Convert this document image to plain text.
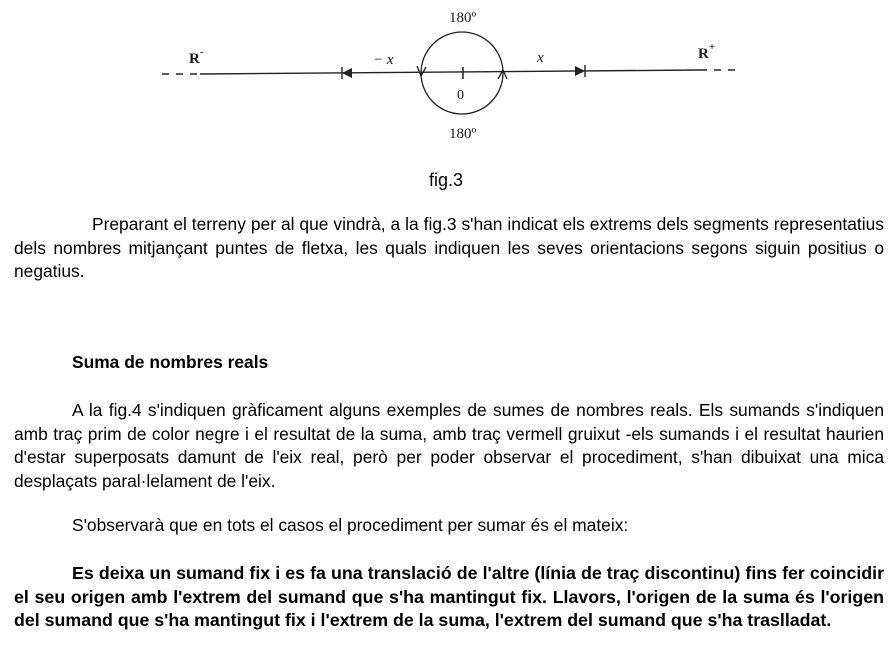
180º
180º
0
− x	x
R-	R+
fig.3

Preparant el terreny per al que vindrà, a la fig.3 s'han indicat els extrems dels segments representatius dels nombres mitjançant puntes de fletxa, les quals indiquen les seves orientacions segons siguin positius o negatius.

Suma de nombres reals

A la fig.4 s'indiquen gràficament alguns exemples de sumes de nombres reals. Els sumands s'indiquen amb traç prim de color negre i el resultat de la suma, amb traç vermell gruixut -els sumands i el resultat haurien d'estar superposats damunt de l'eix real, però per poder observar el procediment, s'han dibuixat una mica desplaçats paral·lelament de l'eix.

S'observarà que en tots el casos el procediment per sumar és el mateix:

Es deixa un sumand fix i es fa una translació de l'altre (línia de traç discontinu) fins fer coincidir el seu origen amb l'extrem del sumand que s'ha mantingut fix. Llavors, l'origen de la suma és l'origen del sumand que s'ha mantingut fix i l'extrem de la suma, l'extrem del sumand que s'ha traslladat.
